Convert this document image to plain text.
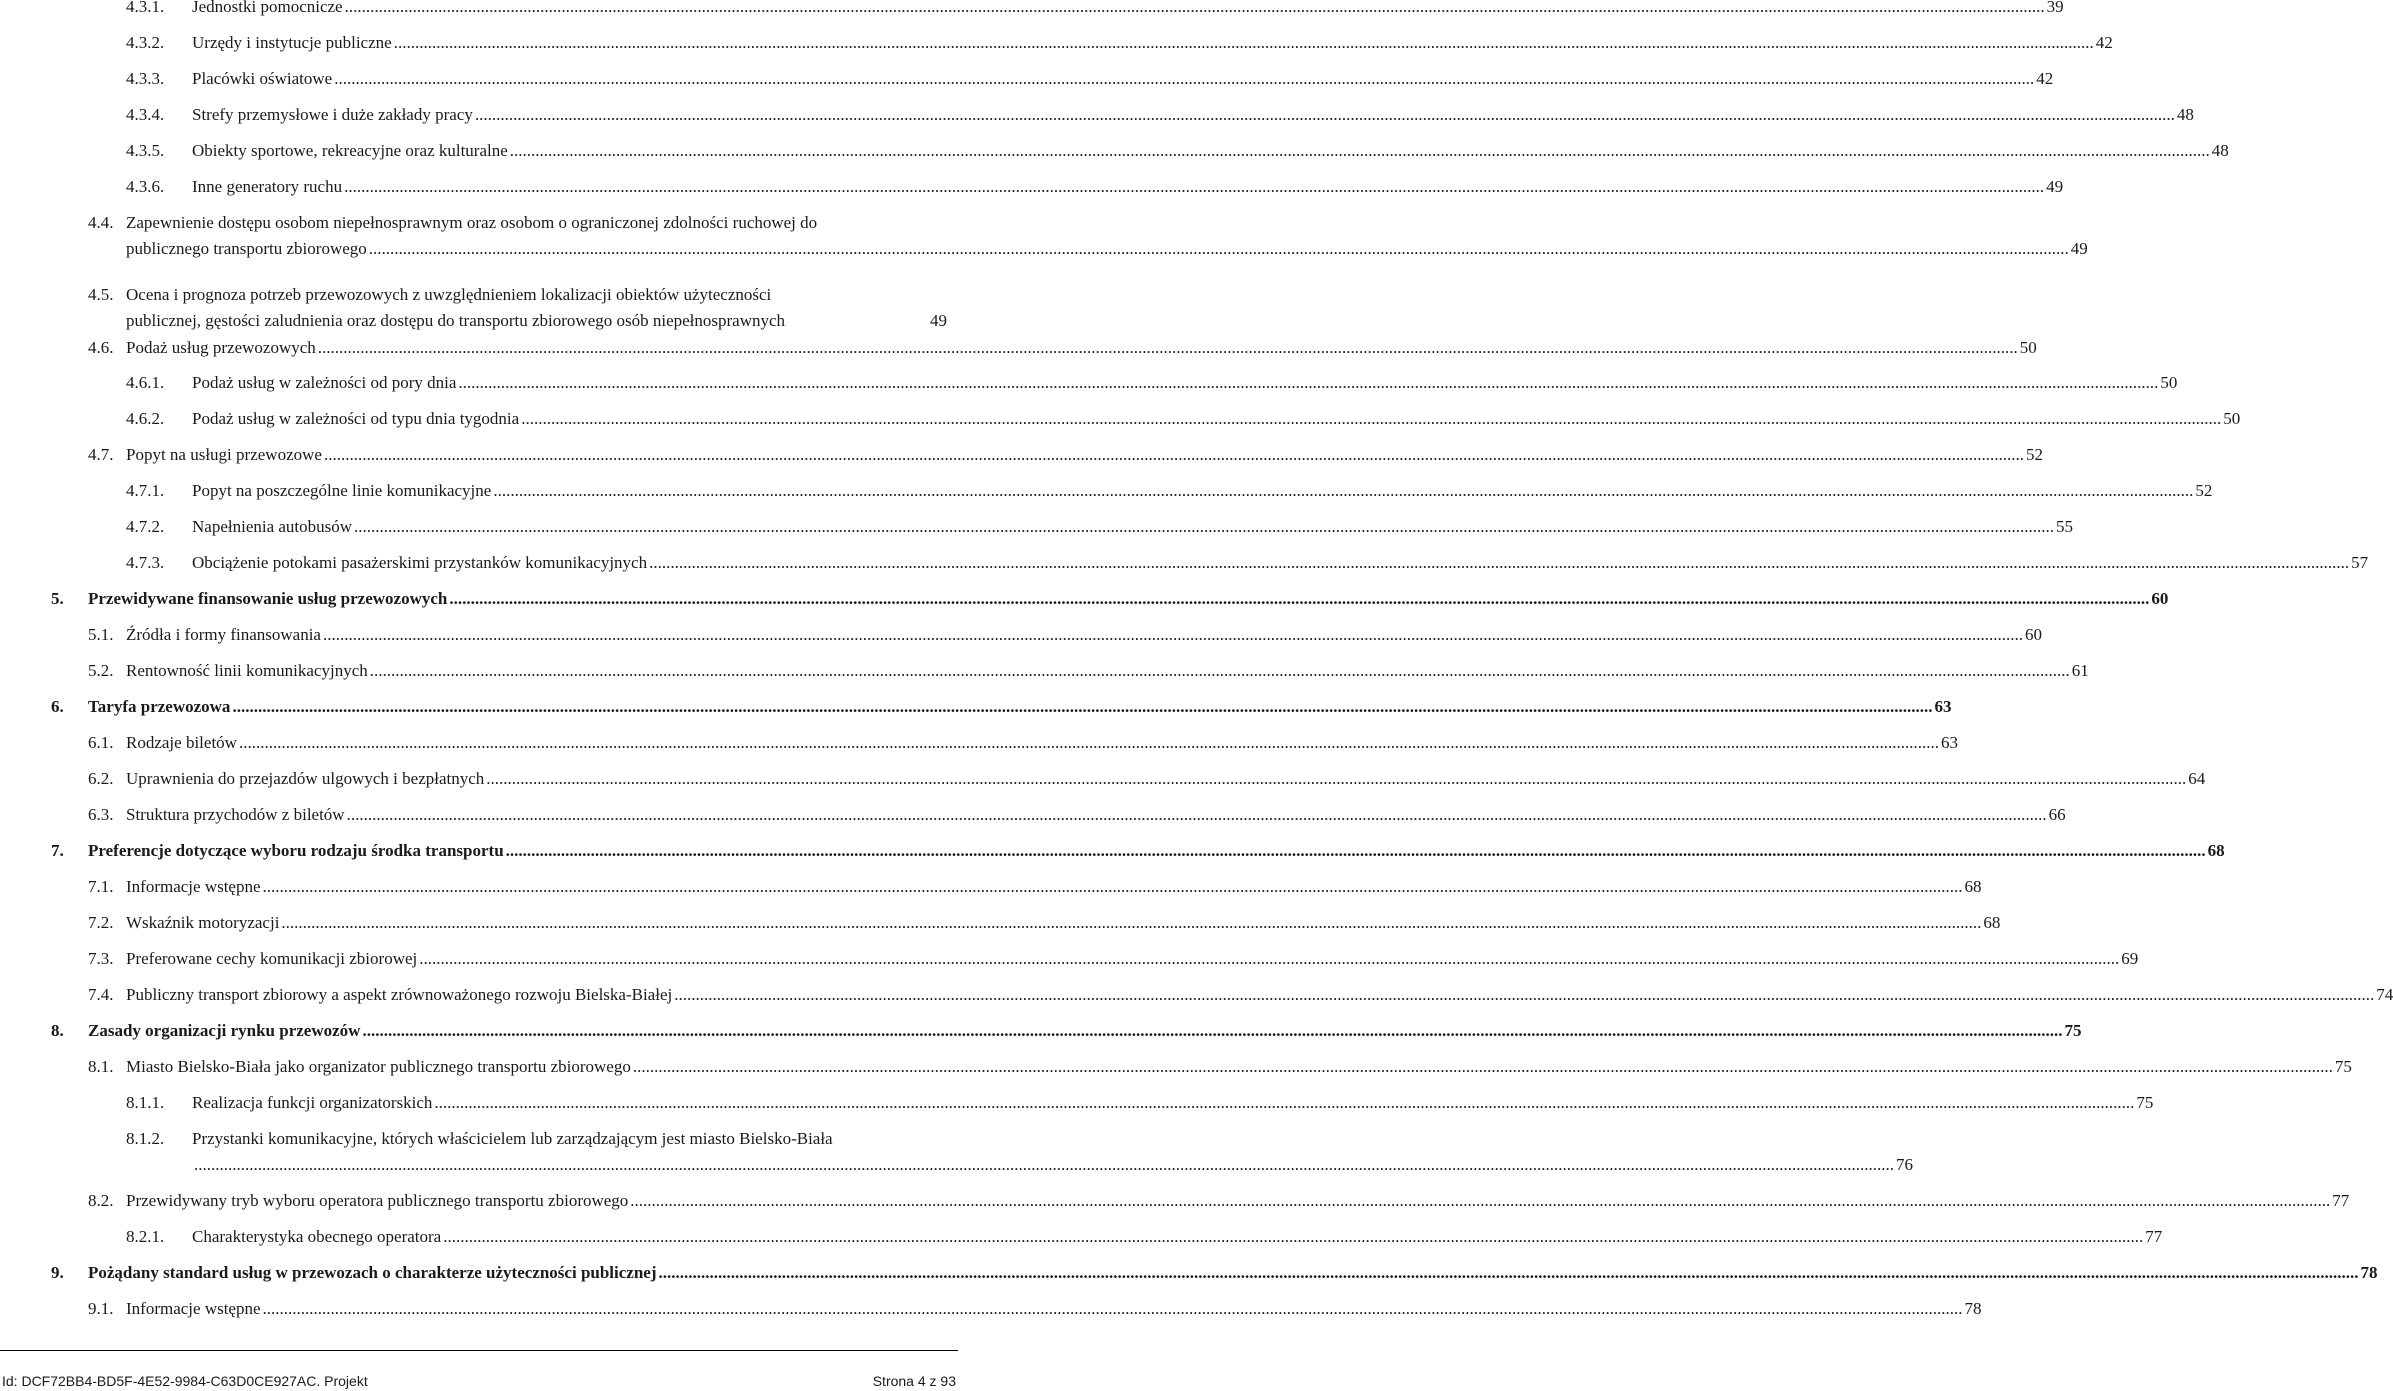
4.3.1. Jednostki pomocnicze ................................................................................................................................................................................................................................................................................................................................................................................................................ 39
4.3.2. Urzędy i instytucje publiczne ................................................................................................................................................................................................................................................................................................................................................................................................................ 42
4.3.3. Placówki oświatowe ................................................................................................................................................................................................................................................................................................................................................................................................................ 42
4.3.4. Strefy przemysłowe i duże zakłady pracy ................................................................................................................................................................................................................................................................................................................................................................................................................ 48
4.3.5. Obiekty sportowe, rekreacyjne oraz kulturalne ................................................................................................................................................................................................................................................................................................................................................................................................................ 48
4.3.6. Inne generatory ruchu ................................................................................................................................................................................................................................................................................................................................................................................................................ 49
4.4. Zapewnienie dostępu osobom niepełnosprawnym oraz osobom o ograniczonej zdolności ruchowej do
publicznego transportu zbiorowego ................................................................................................................................................................................................................................................................................................................................................................................................................ 49
4.5. Ocena i prognoza potrzeb przewozowych z uwzględnieniem lokalizacji obiektów użyteczności
publicznej, gęstości zaludnienia oraz dostępu do transportu zbiorowego osób niepełnosprawnych	49
4.6. Podaż usług przewozowych ................................................................................................................................................................................................................................................................................................................................................................................................................ 50
4.6.1. Podaż usług w zależności od pory dnia ................................................................................................................................................................................................................................................................................................................................................................................................................ 50
4.6.2. Podaż usług w zależności od typu dnia tygodnia ................................................................................................................................................................................................................................................................................................................................................................................................................ 50
4.7. Popyt na usługi przewozowe ................................................................................................................................................................................................................................................................................................................................................................................................................ 52
4.7.1. Popyt na poszczególne linie komunikacyjne ................................................................................................................................................................................................................................................................................................................................................................................................................ 52
4.7.2. Napełnienia autobusów ................................................................................................................................................................................................................................................................................................................................................................................................................ 55
4.7.3. Obciążenie potokami pasażerskimi przystanków komunikacyjnych ................................................................................................................................................................................................................................................................................................................................................................................................................ 57
5. Przewidywane finansowanie usług przewozowych ................................................................................................................................................................................................................................................................................................................................................................................................................ 60
5.1. Źródła i formy finansowania ................................................................................................................................................................................................................................................................................................................................................................................................................ 60
5.2. Rentowność linii komunikacyjnych ................................................................................................................................................................................................................................................................................................................................................................................................................ 61
6. Taryfa przewozowa ................................................................................................................................................................................................................................................................................................................................................................................................................ 63
6.1. Rodzaje biletów ................................................................................................................................................................................................................................................................................................................................................................................................................ 63
6.2. Uprawnienia do przejazdów ulgowych i bezpłatnych ................................................................................................................................................................................................................................................................................................................................................................................................................ 64
6.3. Struktura przychodów z biletów ................................................................................................................................................................................................................................................................................................................................................................................................................ 66
7. Preferencje dotyczące wyboru rodzaju środka transportu ................................................................................................................................................................................................................................................................................................................................................................................................................ 68
7.1. Informacje wstępne ................................................................................................................................................................................................................................................................................................................................................................................................................ 68
7.2. Wskaźnik motoryzacji ................................................................................................................................................................................................................................................................................................................................................................................................................ 68
7.3. Preferowane cechy komunikacji zbiorowej ................................................................................................................................................................................................................................................................................................................................................................................................................ 69
7.4. Publiczny transport zbiorowy a aspekt zrównoważonego rozwoju Bielska-Białej ................................................................................................................................................................................................................................................................................................................................................................................................................ 74
8. Zasady organizacji rynku przewozów ................................................................................................................................................................................................................................................................................................................................................................................................................ 75
8.1. Miasto Bielsko-Biała jako organizator publicznego transportu zbiorowego ................................................................................................................................................................................................................................................................................................................................................................................................................ 75
8.1.1. Realizacja funkcji organizatorskich ................................................................................................................................................................................................................................................................................................................................................................................................................ 75
8.1.2. Przystanki komunikacyjne, których właścicielem lub zarządzającym jest miasto Bielsko-Biała
................................................................................................................................................................................................................................................................................................................................................................................................................ 76
8.2. Przewidywany tryb wyboru operatora publicznego transportu zbiorowego ................................................................................................................................................................................................................................................................................................................................................................................................................ 77
8.2.1. Charakterystyka obecnego operatora ................................................................................................................................................................................................................................................................................................................................................................................................................ 77
9. Pożądany standard usług w przewozach o charakterze użyteczności publicznej ................................................................................................................................................................................................................................................................................................................................................................................................................ 78
9.1. Informacje wstępne ................................................................................................................................................................................................................................................................................................................................................................................................................ 78
Id: DCF72BB4-BD5F-4E52-9984-C63D0CE927AC. Projekt	Strona 4 z 93
